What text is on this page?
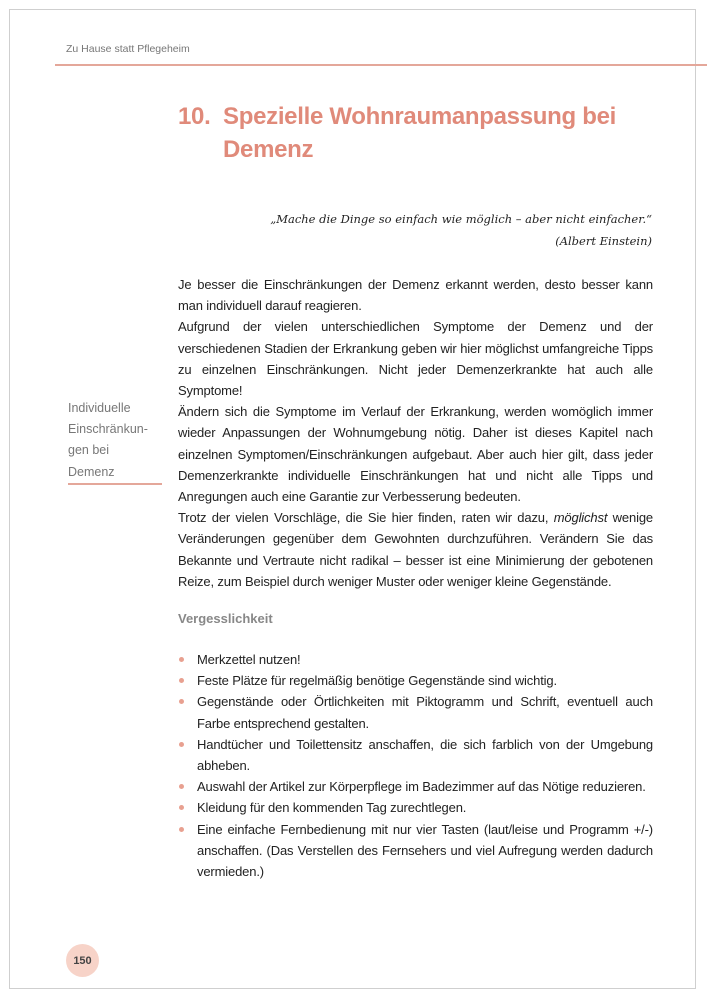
Zu Hause statt Pflegeheim
10. Spezielle Wohnraumanpassung bei Demenz
„Mache die Dinge so einfach wie möglich – aber nicht einfacher.“
(Albert Einstein)

Je besser die Einschränkungen der Demenz erkannt werden, desto besser kann man individuell darauf reagieren.

Aufgrund der vielen unterschiedlichen Symptome der Demenz und der verschiedenen Stadien der Erkrankung geben wir hier möglichst umfangreiche Tipps zu einzelnen Einschränkungen. Nicht jeder Demenzerkrankte hat auch alle Symptome!

Ändern sich die Symptome im Verlauf der Erkrankung, werden womöglich immer wieder Anpassungen der Wohnumgebung nötig. Daher ist dieses Kapitel nach einzelnen Symptomen/Einschränkungen aufgebaut. Aber auch hier gilt, dass jeder Demenzerkrankte individuelle Einschränkungen hat und nicht alle Tipps und Anregungen auch eine Garantie zur Verbesserung bedeuten.

Trotz der vielen Vorschläge, die Sie hier finden, raten wir dazu, möglichst wenige Veränderungen gegenüber dem Gewohnten durchzuführen. Verändern Sie das Bekannte und Vertraute nicht radikal – besser ist eine Minimierung der gebotenen Reize, zum Beispiel durch weniger Muster oder weniger kleine Gegenstände.

Individuelle
Einschränkun-
gen bei
Demenz
Vergesslichkeit
Merkzettel nutzen!
Feste Plätze für regelmäßig benötige Gegenstände sind wichtig.
Gegenstände oder Örtlichkeiten mit Piktogramm und Schrift, eventuell auch Farbe entsprechend gestalten.
Handtücher und Toilettensitz anschaffen, die sich farblich von der Umgebung abheben.
Auswahl der Artikel zur Körperpflege im Badezimmer auf das Nötige reduzieren.
Kleidung für den kommenden Tag zurechtlegen.
Eine einfache Fernbedienung mit nur vier Tasten (laut/leise und Programm +/-) anschaffen. (Das Verstellen des Fernsehers und viel Aufregung werden dadurch vermieden.)
150
